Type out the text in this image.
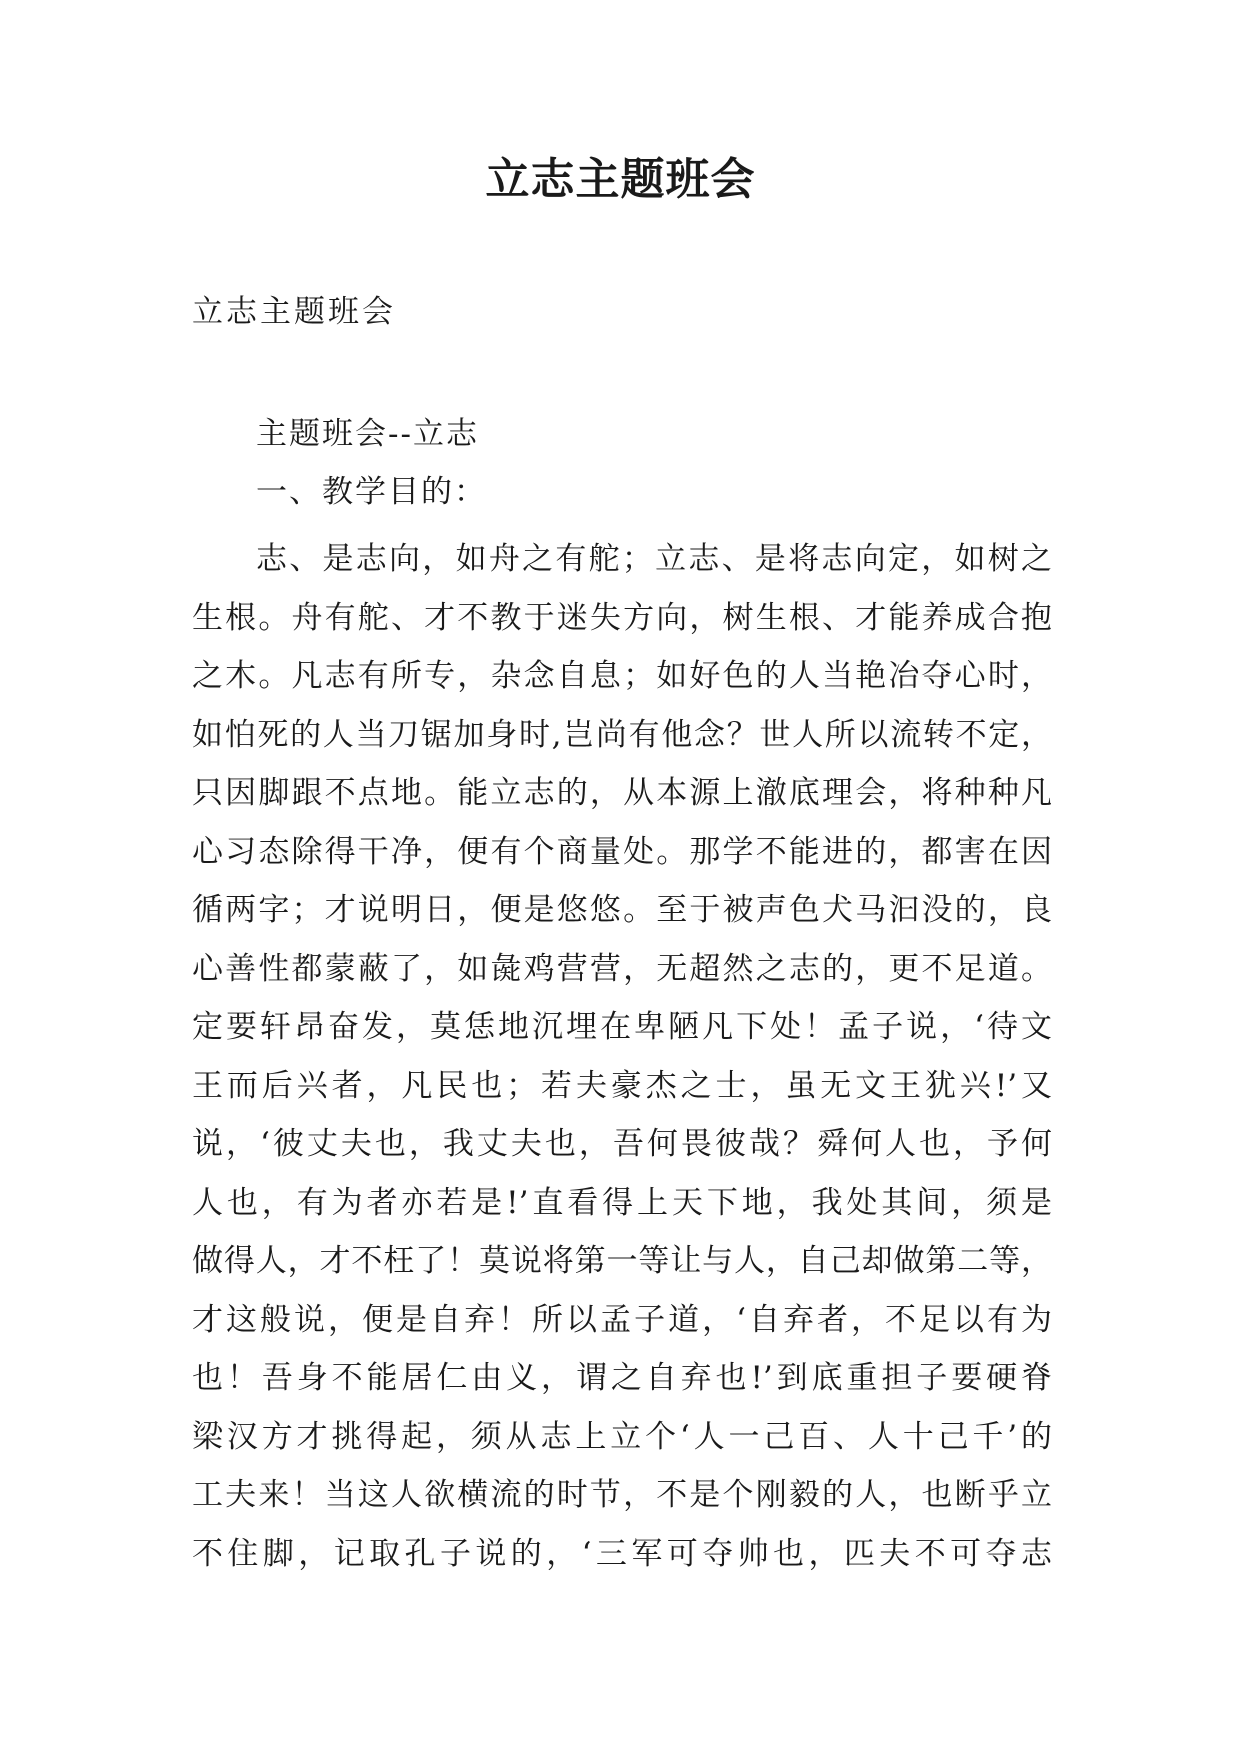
立志主题班会

立志主题班会

主题班会--立志

一、教学目的：

志、是志向，如舟之有舵；立志、是将志向定，如树之
生根。舟有舵、才不教于迷失方向，树生根、才能养成合抱
之木。凡志有所专，杂念自息；如好色的人当艳冶夺心时，
如怕死的人当刀锯加身时,岂尚有他念？世人所以流转不定，
只因脚跟不点地。能立志的，从本源上澈底理会，将种种凡
心习态除得干净，便有个商量处。那学不能进的，都害在因
循两字；才说明日，便是悠悠。至于被声色犬马汩没的，良
心善性都蒙蔽了，如彘鸡营营，无超然之志的，更不足道。
定要轩昂奋发，莫恁地沉埋在卑陋凡下处！孟子说，‘待文
王而后兴者，凡民也；若夫豪杰之士，虽无文王犹兴!’又
说，‘彼丈夫也，我丈夫也，吾何畏彼哉？舜何人也，予何
人也，有为者亦若是!’直看得上天下地，我处其间，须是
做得人，才不枉了！莫说将第一等让与人，自己却做第二等，
才这般说，便是自弃！所以孟子道，‘自弃者，不足以有为
也！吾身不能居仁由义，谓之自弃也!’到底重担子要硬脊
梁汉方才挑得起，须从志上立个‘人一己百、人十己千’的
工夫来！当这人欲横流的时节，不是个刚毅的人，也断乎立
不住脚，记取孔子说的，‘三军可夺帅也，匹夫不可夺志
